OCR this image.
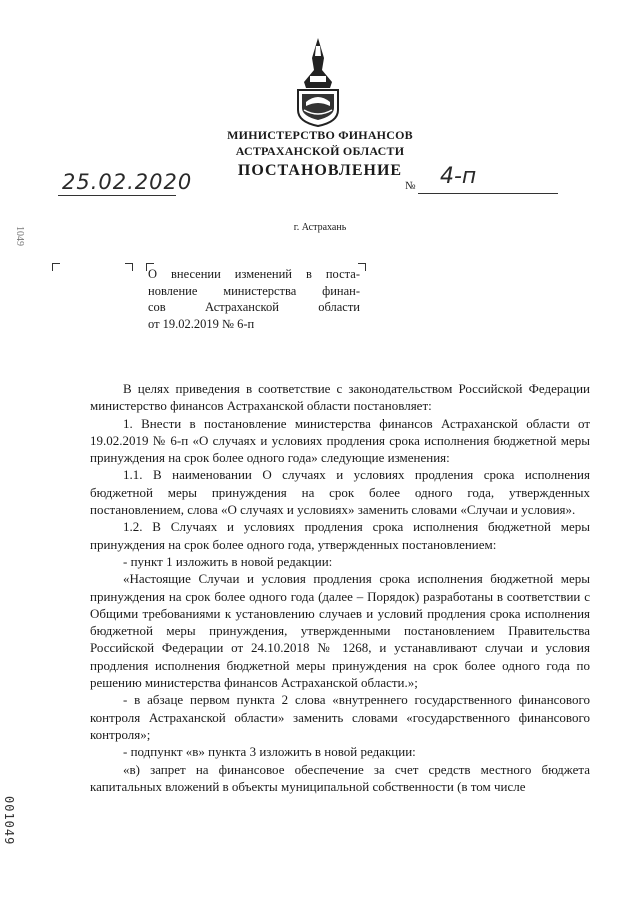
МИНИСТЕРСТВО ФИНАНСОВ
АСТРАХАНСКОЙ ОБЛАСТИ
ПОСТАНОВЛЕНИЕ
25.02.2020	№ 4-п
г. Астрахань
О внесении изменений в поста-
новление министерства финан-
сов Астраханской области
от 19.02.2019 № 6-п

В целях приведения в соответствие с законодательством Российской Федерации министерство финансов Астраханской области постановляет:

1. Внести в постановление министерства финансов Астраханской области от 19.02.2019 № 6-п «О случаях и условиях продления срока исполнения бюджетной меры принуждения на срок более одного года» следующие изменения:

1.1. В наименовании О случаях и условиях продления срока исполнения бюджетной меры принуждения на срок более одного года, утвержденных постановлением, слова «О случаях и условиях» заменить словами «Случаи и условия».

1.2. В Случаях и условиях продления срока исполнения бюджетной меры принуждения на срок более одного года, утвержденных постановлением:

- пункт 1 изложить в новой редакции:

«Настоящие Случаи и условия продления срока исполнения бюджетной меры принуждения на срок более одного года (далее – Порядок) разработаны в соответствии с Общими требованиями к установлению случаев и условий продления срока исполнения бюджетной меры принуждения, утвержденными постановлением Правительства Российской Федерации от 24.10.2018 № 1268, и устанавливают случаи и условия продления исполнения бюджетной меры принуждения на срок более одного года по решению министерства финансов Астраханской области.»;

- в абзаце первом пункта 2 слова «внутреннего государственного финансового контроля Астраханской области» заменить словами «государственного финансового контроля»;

- подпункт «в» пункта 3 изложить в новой редакции:

«в) запрет на финансовое обеспечение за счет средств местного бюджета капитальных вложений в объекты муниципальной собственности (в том числе

1049
001049
